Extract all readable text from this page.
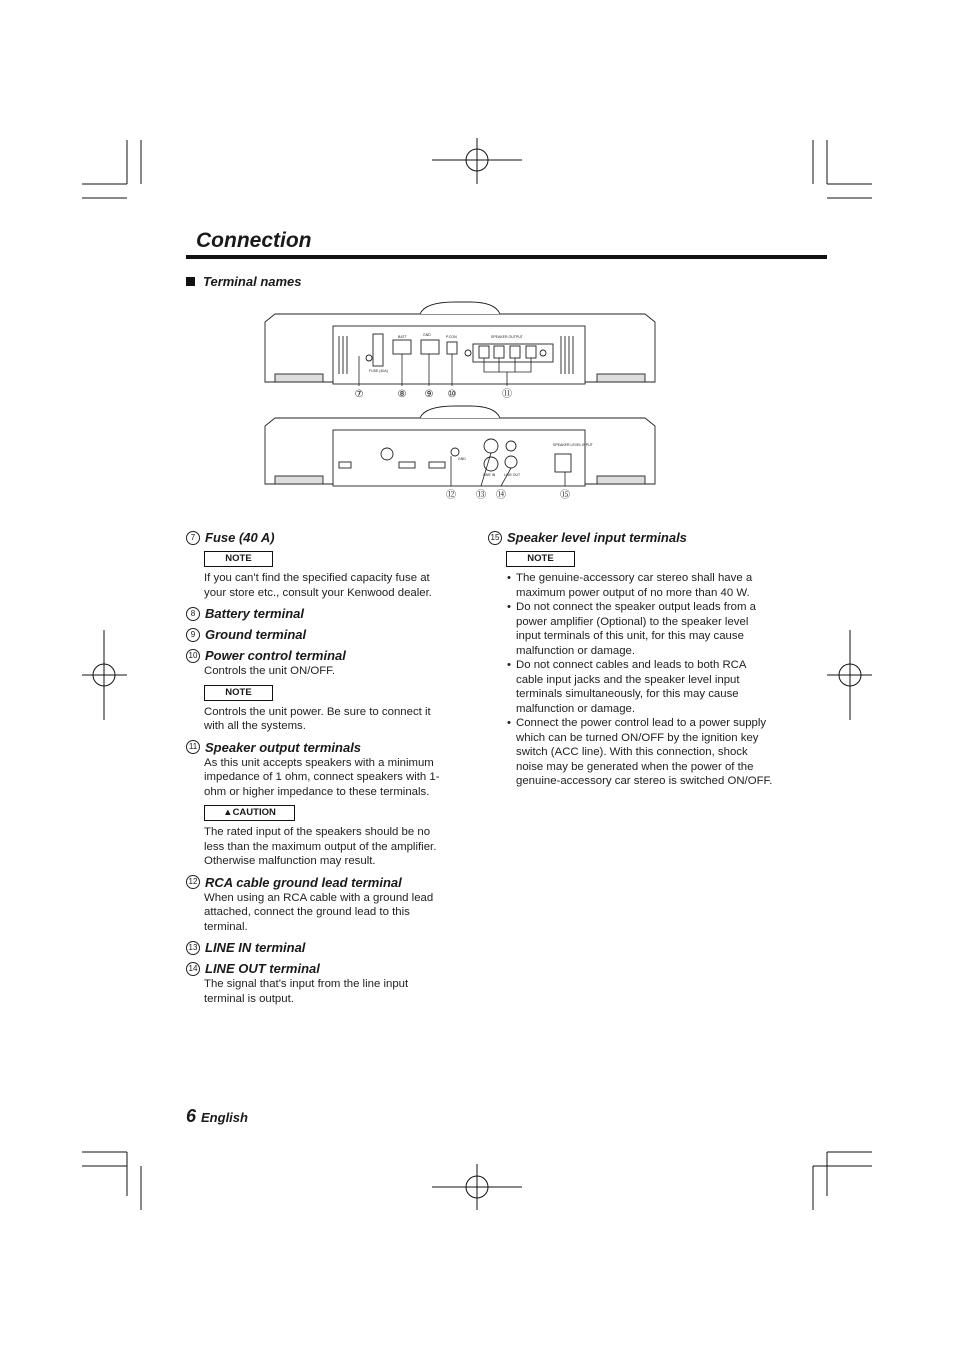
Connection
Terminal names
BATT	GND	P.CON	SPEAKER OUTPUT
FUSE (40A)
GND
LINE IN LINE OUT
SPEAKER LEVEL INPUT
⑦	⑧ ⑨ ⑩	⑪
⑫ ⑬ ⑭	⑮
7 Fuse (40 A)
NOTE

If you can't find the specified capacity fuse at your store etc., consult your Kenwood dealer.

8 Battery terminal
9 Ground terminal
10 Power control terminal

Controls the unit ON/OFF.

NOTE

Controls the unit power. Be sure to connect it with all the systems.

11 Speaker output terminals

As this unit accepts speakers with a minimum impedance of 1 ohm, connect speakers with 1-ohm or higher impedance to these terminals.

▲CAUTION

The rated input of the speakers should be no less than the maximum output of the amplifier. Otherwise malfunction may result.

12 RCA cable ground lead terminal

When using an RCA cable with a ground lead attached, connect the ground lead to this terminal.

13 LINE IN terminal
14 LINE OUT terminal

The signal that's input from the line input terminal is output.

15 Speaker level input terminals
NOTE
• The genuine-accessory car stereo shall have a maximum power output of no more than 40 W.
• Do not connect the speaker output leads from a power amplifier (Optional) to the speaker level input terminals of this unit, for this may cause malfunction or damage.
• Do not connect cables and leads to both RCA cable input jacks and the speaker level input terminals simultaneously, for this may cause malfunction or damage.
• Connect the power control lead to a power supply which can be turned ON/OFF by the ignition key switch (ACC line). With this connection, shock noise may be generated when the power of the genuine-accessory car stereo is switched ON/OFF.
6 English
